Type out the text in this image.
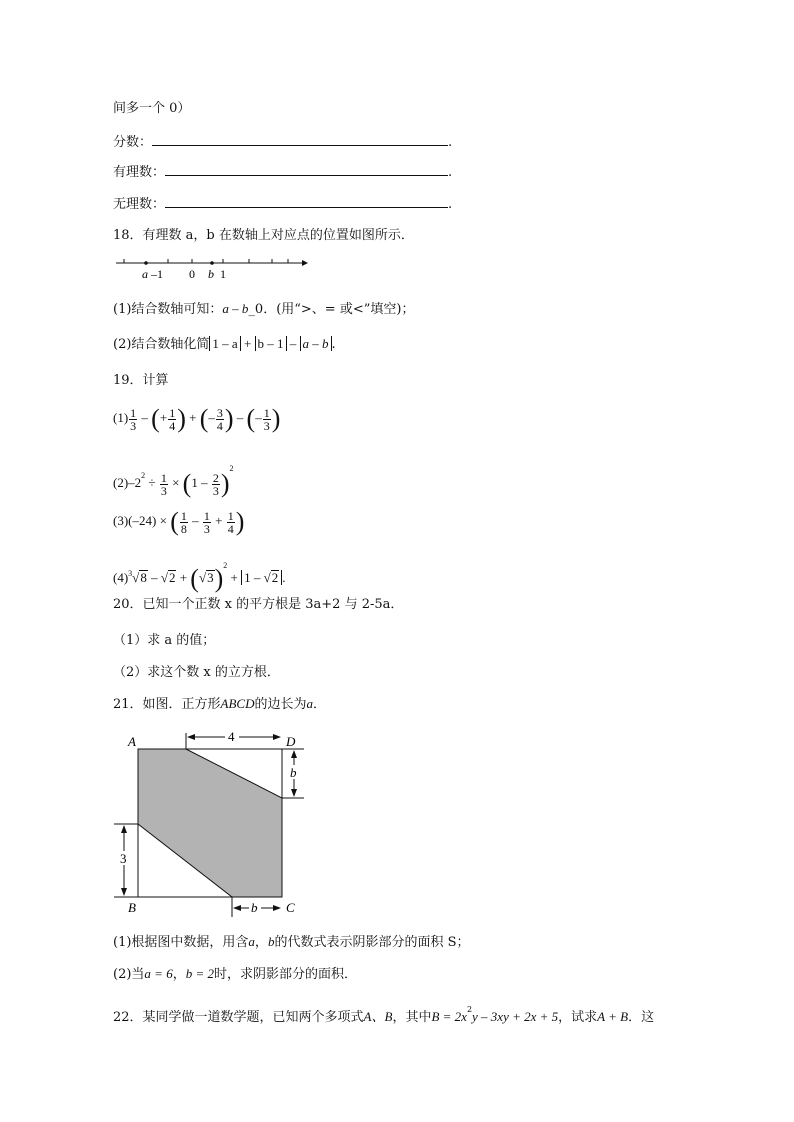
间多一个 0）
分数：	.
有理数：	.
无理数：	.
18．有理数 a，b 在数轴上对应点的位置如图所示．
a –1 0 b 1
(1)结合数轴可知：a – b_0．(用“>、= 或<”填空)；
(2)结合数轴化简 1 – a + b – 1 – a – b .
19．计算
$(1) \frac{1}{3}$ – (+ $\frac{1}{4}$ ) + (– $\frac{3}{4}$ ) – (– $\frac{1}{3}$ )
$(2)-2^2 \div \frac{1}{3} \times (1 - \frac{2}{3} )^2$
(3)(–24) × ( $\frac{1}{8} - \frac{1}{3} + \frac{1}{4}$ )
$(4)^3√8 - √2 + (√3)^2 + 1 - √2$ .
20．已知一个正数 x 的平方根是 3a+2 与 2-5a．
（1）求 a 的值；
（2）求这个数 x 的立方根．
21．如图．正方形ABCD的边长为a．
4
b
3
b
A
B	C
D
(1)根据图中数据，用含a，b的代数式表示阴影部分的面积 S；
(2)当a = 6，b = 2时，求阴影部分的面积．
22．某同学做一道数学题，已知两个多项式A、B，其中$B = 2x^2y - 3xy + 2x + 5$，试求A + B．这
